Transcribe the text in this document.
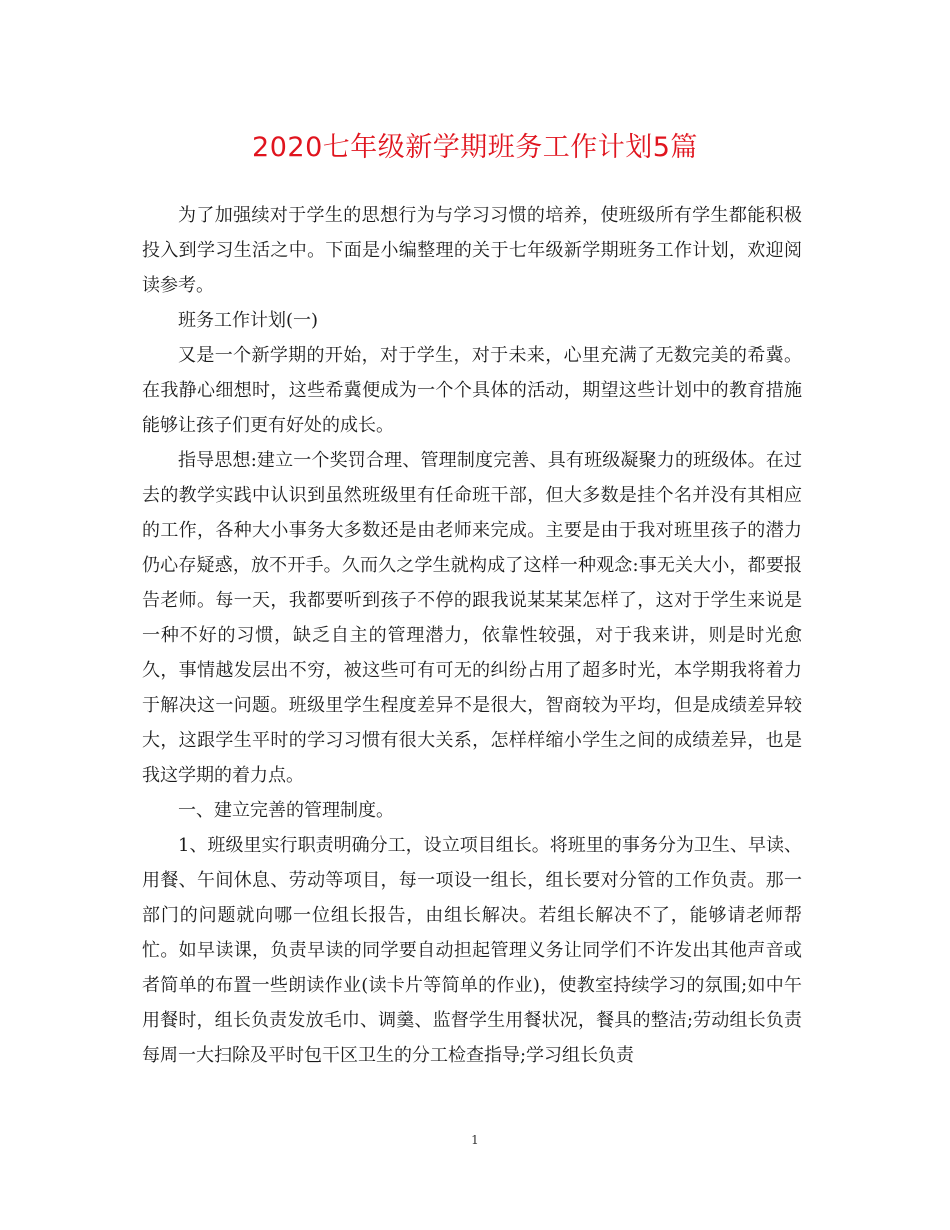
2020七年级新学期班务工作计划5篇

为了加强续对于学生的思想行为与学习习惯的培养，使班级所有学生都能积极投入到学习生活之中。下面是小编整理的关于七年级新学期班务工作计划，欢迎阅读参考。

班务工作计划(一)

又是一个新学期的开始，对于学生，对于未来，心里充满了无数完美的希冀。在我静心细想时，这些希冀便成为一个个具体的活动，期望这些计划中的教育措施能够让孩子们更有好处的成长。

指导思想:建立一个奖罚合理、管理制度完善、具有班级凝聚力的班级体。在过去的教学实践中认识到虽然班级里有任命班干部，但大多数是挂个名并没有其相应的工作，各种大小事务大多数还是由老师来完成。主要是由于我对班里孩子的潜力仍心存疑惑，放不开手。久而久之学生就构成了这样一种观念:事无关大小，都要报告老师。每一天，我都要听到孩子不停的跟我说某某某怎样了，这对于学生来说是一种不好的习惯，缺乏自主的管理潜力，依靠性较强，对于我来讲，则是时光愈久，事情越发层出不穷，被这些可有可无的纠纷占用了超多时光，本学期我将着力于解决这一问题。班级里学生程度差异不是很大，智商较为平均，但是成绩差异较大，这跟学生平时的学习习惯有很大关系，怎样样缩小学生之间的成绩差异，也是我这学期的着力点。

一、建立完善的管理制度。

1、班级里实行职责明确分工，设立项目组长。将班里的事务分为卫生、早读、用餐、午间休息、劳动等项目，每一项设一组长，组长要对分管的工作负责。那一部门的问题就向哪一位组长报告，由组长解决。若组长解决不了，能够请老师帮忙。如早读课，负责早读的同学要自动担起管理义务让同学们不许发出其他声音或者简单的布置一些朗读作业(读卡片等简单的作业)，使教室持续学习的氛围;如中午用餐时，组长负责发放毛巾、调羹、监督学生用餐状况，餐具的整洁;劳动组长负责每周一大扫除及平时包干区卫生的分工检查指导;学习组长负责

1
